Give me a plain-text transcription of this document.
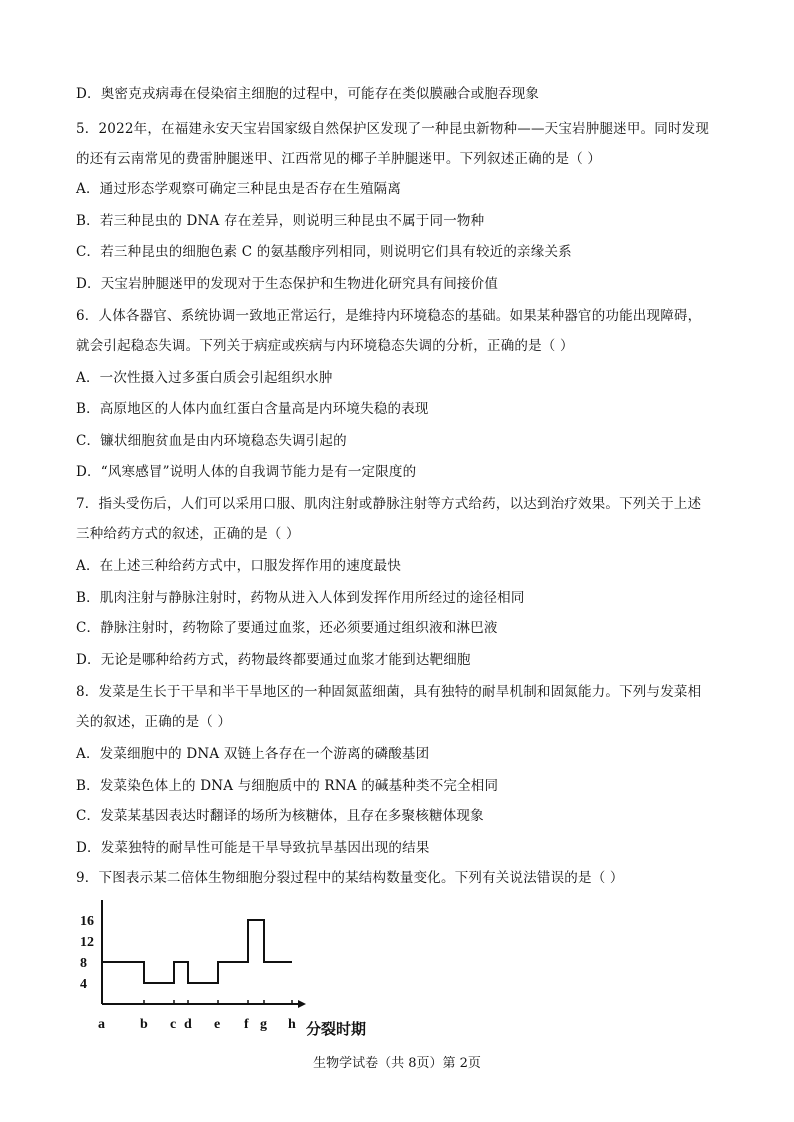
D．奥密克戎病毒在侵染宿主细胞的过程中，可能存在类似膜融合或胞吞现象
5．2022年，在福建永安天宝岩国家级自然保护区发现了一种昆虫新物种——天宝岩肿腿迷甲。同时发现
的还有云南常见的费雷肿腿迷甲、江西常见的椰子羊肿腿迷甲。下列叙述正确的是（ ）
A．通过形态学观察可确定三种昆虫是否存在生殖隔离
B．若三种昆虫的 DNA 存在差异，则说明三种昆虫不属于同一物种
C．若三种昆虫的细胞色素 C 的氨基酸序列相同，则说明它们具有较近的亲缘关系
D．天宝岩肿腿迷甲的发现对于生态保护和生物进化研究具有间接价值
6．人体各器官、系统协调一致地正常运行，是维持内环境稳态的基础。如果某种器官的功能出现障碍，
就会引起稳态失调。下列关于病症或疾病与内环境稳态失调的分析，正确的是（ ）
A．一次性摄入过多蛋白质会引起组织水肿
B．高原地区的人体内血红蛋白含量高是内环境失稳的表现
C．镰状细胞贫血是由内环境稳态失调引起的
D．“风寒感冒”说明人体的自我调节能力是有一定限度的
7．指头受伤后，人们可以采用口服、肌肉注射或静脉注射等方式给药，以达到治疗效果。下列关于上述
三种给药方式的叙述，正确的是（ ）
A．在上述三种给药方式中，口服发挥作用的速度最快
B．肌肉注射与静脉注射时，药物从进入人体到发挥作用所经过的途径相同
C．静脉注射时，药物除了要通过血浆，还必须要通过组织液和淋巴液
D．无论是哪种给药方式，药物最终都要通过血浆才能到达靶细胞
8．发菜是生长于干旱和半干旱地区的一种固氮蓝细菌，具有独特的耐旱机制和固氮能力。下列与发菜相
关的叙述，正确的是（ ）
A．发菜细胞中的 DNA 双链上各存在一个游离的磷酸基团
B．发菜染色体上的 DNA 与细胞质中的 RNA 的碱基种类不完全相同
C．发菜某基因表达时翻译的场所为核糖体，且存在多聚核糖体现象
D．发菜独特的耐旱性可能是干旱导致抗旱基因出现的结果
9．下图表示某二倍体生物细胞分裂过程中的某结构数量变化。下列有关说法错误的是（ ）
16
12
8
4
a	b c d e f g h 分裂时期
生物学试卷（共 8页）第 2页
